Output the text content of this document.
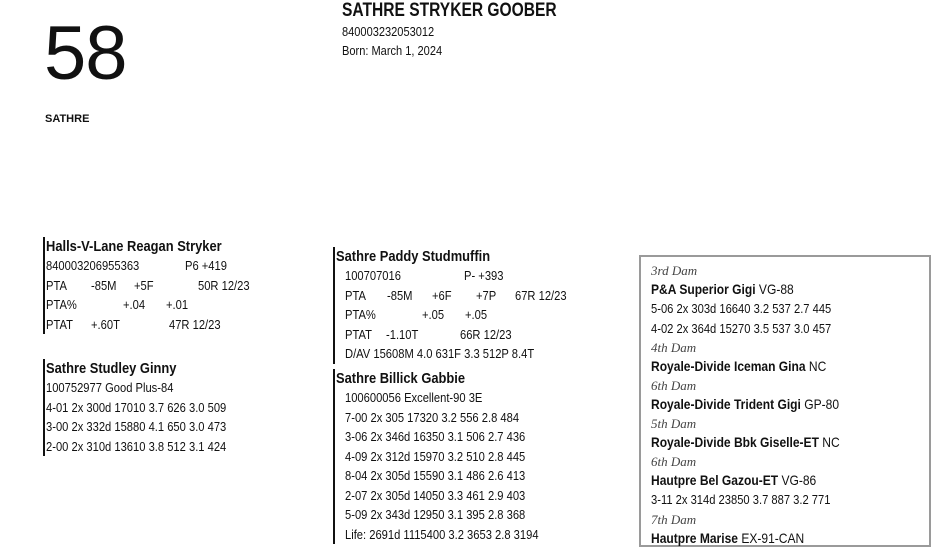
58
SATHRE
SATHRE STRYKER GOOBER
840003232053012
Born: March 1, 2024
Halls-V-Lane Reagan Stryker
840003206955363	P6 +419
PTA -85M +5F	50R 12/23
PTA%	+.04 +.01
PTAT +.60T	47R 12/23
Sathre Studley Ginny
100752977 Good Plus-84
4-01 2x 300d 17010 3.7 626 3.0 509
3-00 2x 332d 15880 4.1 650 3.0 473
2-00 2x 310d 13610 3.8 512 3.1 424
Sathre Paddy Studmuffin
100707016	P- +393
PTA -85M +6F +7P 67R 12/23
PTA%	+.05 +.05
PTAT -1.10T	66R 12/23
D/AV 15608M 4.0 631F 3.3 512P 8.4T
Sathre Billick Gabbie
100600056 Excellent-90 3E
7-00 2x 305 17320 3.2 556 2.8 484
3-06 2x 346d 16350 3.1 506 2.7 436
4-09 2x 312d 15970 3.2 510 2.8 445
8-04 2x 305d 15590 3.1 486 2.6 413
2-07 2x 305d 14050 3.3 461 2.9 403
5-09 2x 343d 12950 3.1 395 2.8 368
Life: 2691d 1115400 3.2 3653 2.8 3194
3rd Dam
P&A Superior Gigi VG-88
5-06 2x 303d 16640 3.2 537 2.7 445
4-02 2x 364d 15270 3.5 537 3.0 457
4th Dam
Royale-Divide Iceman Gina NC
6th Dam
Royale-Divide Trident Gigi GP-80
5th Dam
Royale-Divide Bbk Giselle-ET NC
6th Dam
Hautpre Bel Gazou-ET VG-86
3-11 2x 314d 23850 3.7 887 3.2 771
7th Dam
Hautpre Marise EX-91-CAN
